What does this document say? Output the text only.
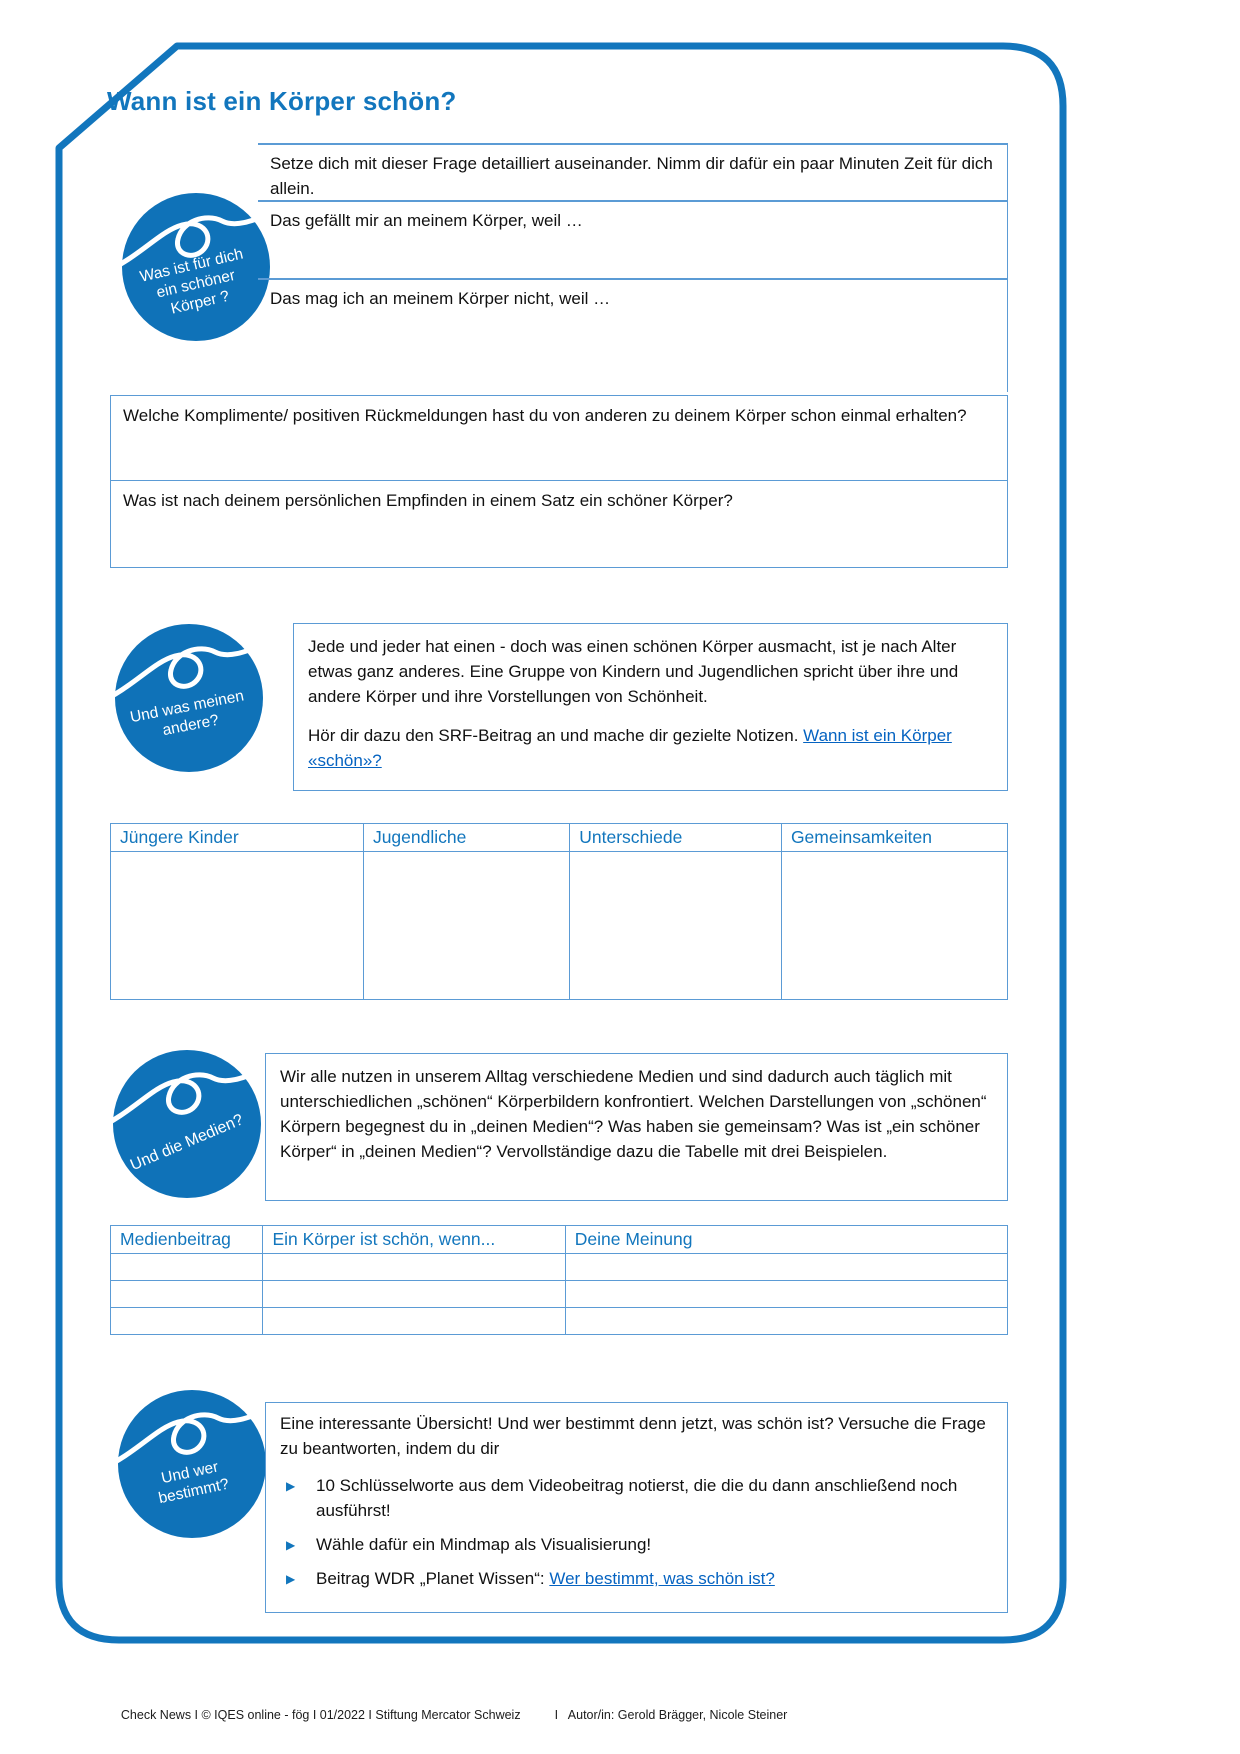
Wann ist ein Körper schön?
Was ist für dich
ein schöner
Körper ?
Setze dich mit dieser Frage detailliert auseinander. Nimm dir dafür ein paar Minuten Zeit für dich allein.
Das gefällt mir an meinem Körper, weil …
Das mag ich an meinem Körper nicht, weil …
Welche Komplimente/ positiven Rückmeldungen hast du von anderen zu deinem Körper schon einmal erhalten?
Was ist nach deinem persönlichen Empfinden in einem Satz ein schöner Körper?
Und was meinen
andere?

Jede und jeder hat einen - doch was einen schönen Körper ausmacht, ist je nach Alter etwas ganz anderes. Eine Gruppe von Kindern und Jugendlichen spricht über ihre und andere Körper und ihre Vorstellungen von Schönheit.

Hör dir dazu den SRF-Beitrag an und mache dir gezielte Notizen. Wann ist ein Körper «schön»?

Jüngere Kinder	Jugendliche	Unterschiede	Gemeinsamkeiten

Und die Medien?

Wir alle nutzen in unserem Alltag verschiedene Medien und sind dadurch auch täglich mit unterschiedlichen „schönen“ Körperbildern konfrontiert. Welchen Darstellungen von „schönen“ Körpern begegnest du in „deinen Medien“? Was haben sie gemeinsam? Was ist „ein schöner Körper“ in „deinen Medien“? Vervollständige dazu die Tabelle mit drei Beispielen.

Medienbeitrag	Ein Körper ist schön, wenn...	Deine Meinung

Und wer
bestimmt?

Eine interessante Übersicht! Und wer bestimmt denn jetzt, was schön ist? Versuche die Frage zu beantworten, indem du dir

▶	10 Schlüsselworte aus dem Videobeitrag notierst, die die du dann anschließend noch ausführst!
▶	Wähle dafür ein Mindmap als Visualisierung!
▶	Beitrag WDR „Planet Wissen“: Wer bestimmt, was schön ist?

Check News I © IQES online - fög I 01/2022 I Stiftung Mercator Schweiz	I   Autor/in: Gerold Brägger, Nicole Steiner
